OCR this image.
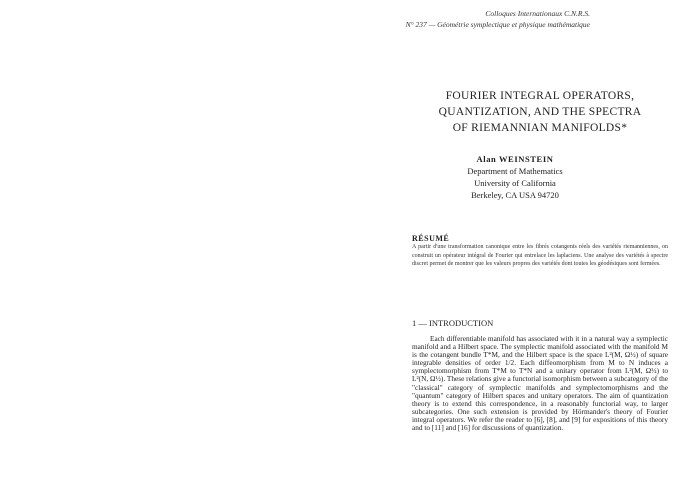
Colloques Internationaux C.N.R.S.
N° 237 — Géométrie symplectique et physique mathématique
FOURIER INTEGRAL OPERATORS,
QUANTIZATION, AND THE SPECTRA
OF RIEMANNIAN MANIFOLDS*
Alan WEINSTEIN
Department of Mathematics
University of California
Berkeley, CA USA 94720
RÉSUMÉ
A partir d'une transformation canonique entre les fibrés cotangents réels des variétés riemanniennes, on construit un opérateur intégral de Fourier qui entrelace les laplaciens. Une analyse des variétés à spectre discret permet de montrer que les valeurs propres des variétés dont toutes les géodésiques sont fermées.
1 — INTRODUCTION
Each differentiable manifold has associated with it in a natural way a symplectic manifold and a Hilbert space. The symplectic manifold associated with the manifold M is the cotangent bundle T*M, and the Hilbert space is the space L²(M, Ω½) of square integrable densities of order 1/2. Each diffeomorphism from M to N induces a symplectomorphism from T*M to T*N and a unitary operator from L²(M, Ω½) to L²(N, Ω½). These relations give a functorial isomorphism between a subcategory of the "classical" category of symplectic manifolds and symplectomorphisms and the "quantum" category of Hilbert spaces and unitary operators. The aim of quantization theory is to extend this correspondence, in a reasonably functorial way, to larger subcategories. One such extension is provided by Hörmander's theory of Fourier integral operators. We refer the reader to [6], [8], and [9] for expositions of this theory and to [11] and [16] for discussions of quantization.
